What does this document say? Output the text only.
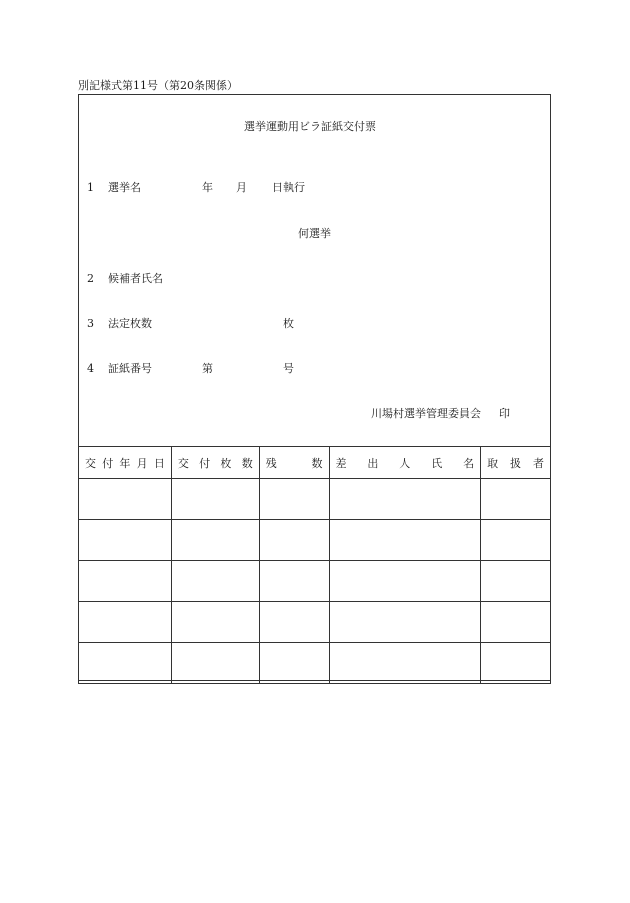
別記様式第11号（第20条関係）
選挙運動用ビラ証紙交付票
1 選挙名	年 月 日執行
何選挙
2 候補者氏名
3 法定枚数	枚
4 証紙番号	第	号
川場村選挙管理委員会 印
交 付 年 月 日	交 付 枚 数	残 数	差 出 人 氏 名	取 扱 者
